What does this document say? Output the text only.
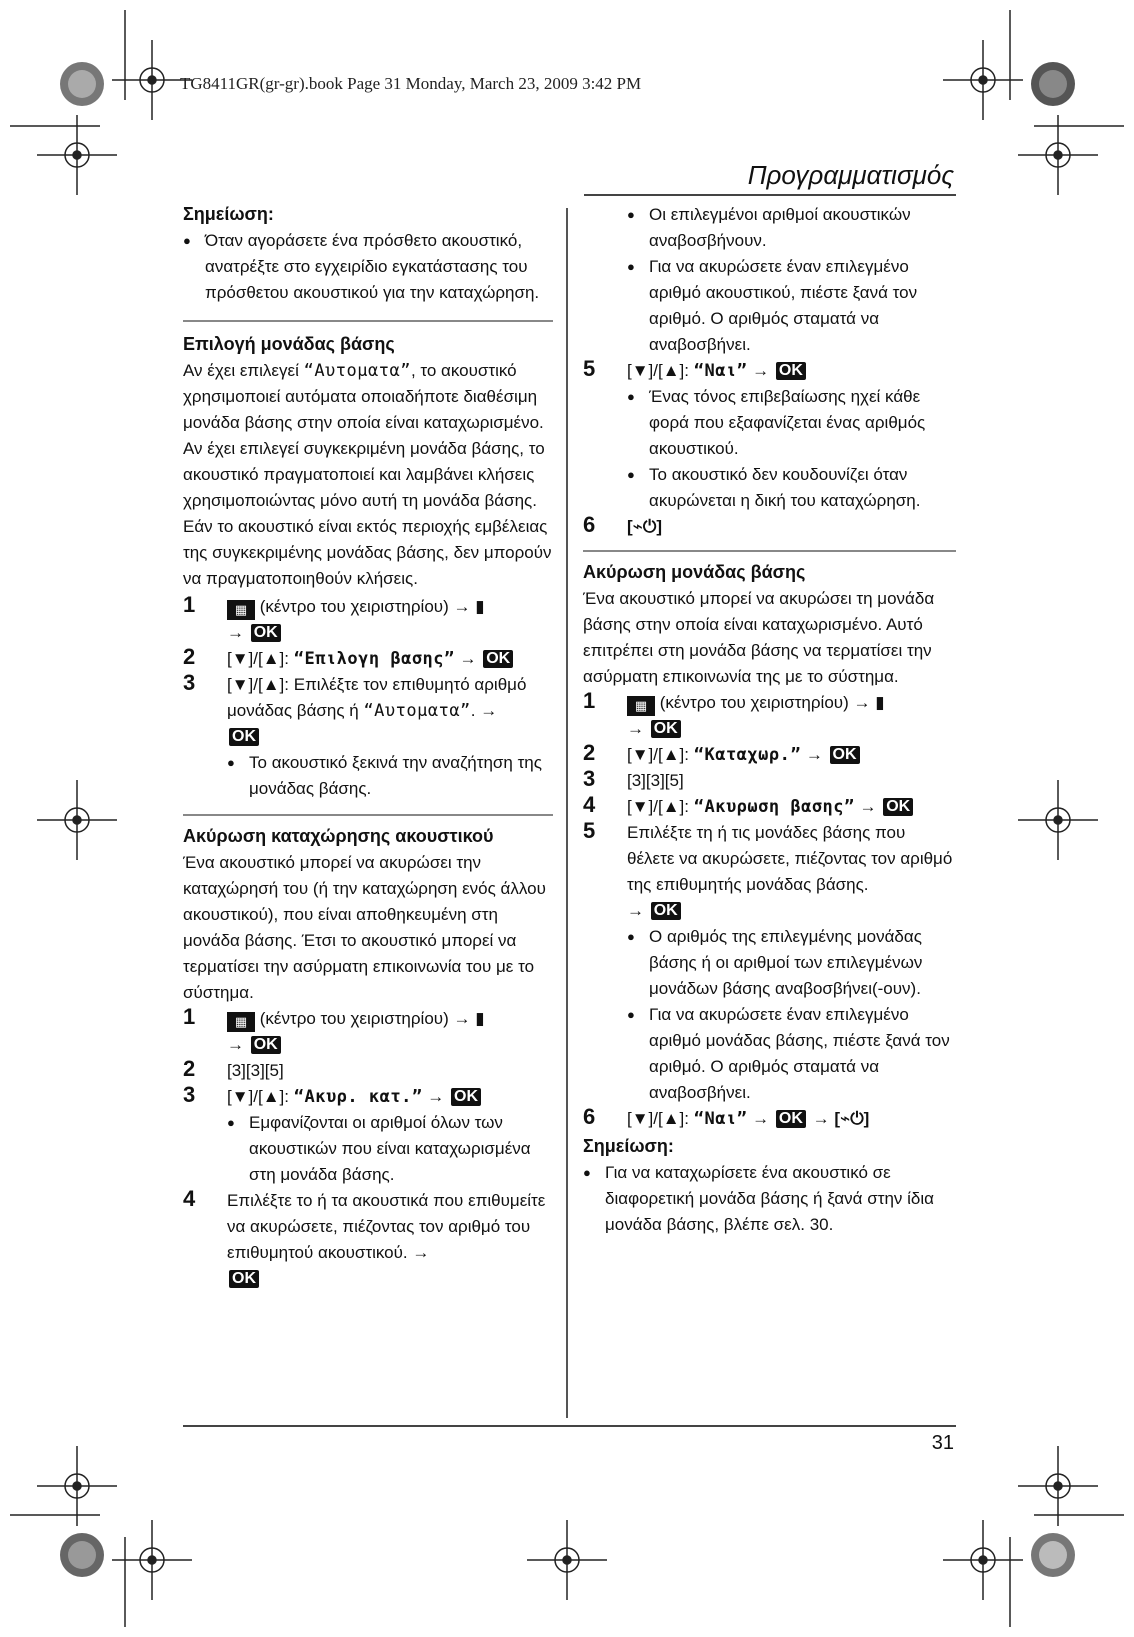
TG8411GR(gr-gr).book Page 31 Monday, March 23, 2009 3:42 PM
Προγραμματισμός
Σημείωση:
● Όταν αγοράσετε ένα πρόσθετο ακουστικό, ανατρέξτε στο εγχειρίδιο εγκατάστασης του πρόσθετου ακουστικού για την καταχώρηση.
Επιλογή μονάδας βάσης
Αν έχει επιλεγεί “Αυτοματα”, το ακουστικό χρησιμοποιεί αυτόματα οποιαδήποτε διαθέσιμη μονάδα βάσης στην οποία είναι καταχωρισμένο. Αν έχει επιλεγεί συγκεκριμένη μονάδα βάσης, το ακουστικό πραγματοποιεί και λαμβάνει κλήσεις χρησιμοποιώντας μόνο αυτή τη μονάδα βάσης. Εάν το ακουστικό είναι εκτός περιοχής εμβέλειας της συγκεκριμένης μονάδας βάσης, δεν μπορούν να πραγματοποιηθούν κλήσεις.
1	▦ (κέντρο του χειριστηρίου) → ▮
→ OK
2 [▼]/[▲]: “Επιλογη βασης” → OK
3 [▼]/[▲]: Επιλέξτε τον επιθυμητό αριθμό μονάδας βάσης ή “Αυτοματα”. →
OK
● Το ακουστικό ξεκινά την αναζήτηση της μονάδας βάσης.
Ακύρωση καταχώρησης ακουστικού
Ένα ακουστικό μπορεί να ακυρώσει την καταχώρησή του (ή την καταχώρηση ενός άλλου ακουστικού), που είναι αποθηκευμένη στη μονάδα βάσης. Έτσι το ακουστικό μπορεί να τερματίσει την ασύρματη επικοινωνία του με το σύστημα.
1	▦ (κέντρο του χειριστηρίου) → ▮
→ OK
2 [3][3][5]
3 [▼]/[▲]: “Ακυρ. κατ.” → OK
● Εμφανίζονται οι αριθμοί όλων των ακουστικών που είναι καταχωρισμένα στη μονάδα βάσης.
4 Επιλέξτε το ή τα ακουστικά που επιθυμείτε να ακυρώσετε, πιέζοντας τον αριθμό του επιθυμητού ακουστικού. →
OK
● Οι επιλεγμένοι αριθμοί ακουστικών αναβοσβήνουν.
● Για να ακυρώσετε έναν επιλεγμένο αριθμό ακουστικού, πιέστε ξανά τον αριθμό. Ο αριθμός σταματά να αναβοσβήνει.
5 [▼]/[▲]: “Ναι” → OK
● Ένας τόνος επιβεβαίωσης ηχεί κάθε φορά που εξαφανίζεται ένας αριθμός ακουστικού.
● Το ακουστικό δεν κουδουνίζει όταν ακυρώνεται η δική του καταχώρηση.
6 [⌁⏻]
Ακύρωση μονάδας βάσης
Ένα ακουστικό μπορεί να ακυρώσει τη μονάδα βάσης στην οποία είναι καταχωρισμένο. Αυτό επιτρέπει στη μονάδα βάσης να τερματίσει την ασύρματη επικοινωνία της με το σύστημα.
1	▦ (κέντρο του χειριστηρίου) → ▮
→ OK
2 [▼]/[▲]: “Καταχωρ.” → OK
3 [3][3][5]
4 [▼]/[▲]: “Ακυρωση βασης” → OK
5 Επιλέξτε τη ή τις μονάδες βάσης που θέλετε να ακυρώσετε, πιέζοντας τον αριθμό της επιθυμητής μονάδας βάσης.
→ OK
● Ο αριθμός της επιλεγμένης μονάδας βάσης ή οι αριθμοί των επιλεγμένων μονάδων βάσης αναβοσβήνει(-ουν).
● Για να ακυρώσετε έναν επιλεγμένο αριθμό μονάδας βάσης, πιέστε ξανά τον αριθμό. Ο αριθμός σταματά να αναβοσβήνει.
6 [▼]/[▲]: “Ναι” → OK → [⌁⏻]
Σημείωση:
● Για να καταχωρίσετε ένα ακουστικό σε διαφορετική μονάδα βάσης ή ξανά στην ίδια μονάδα βάσης, βλέπε σελ. 30.
31
